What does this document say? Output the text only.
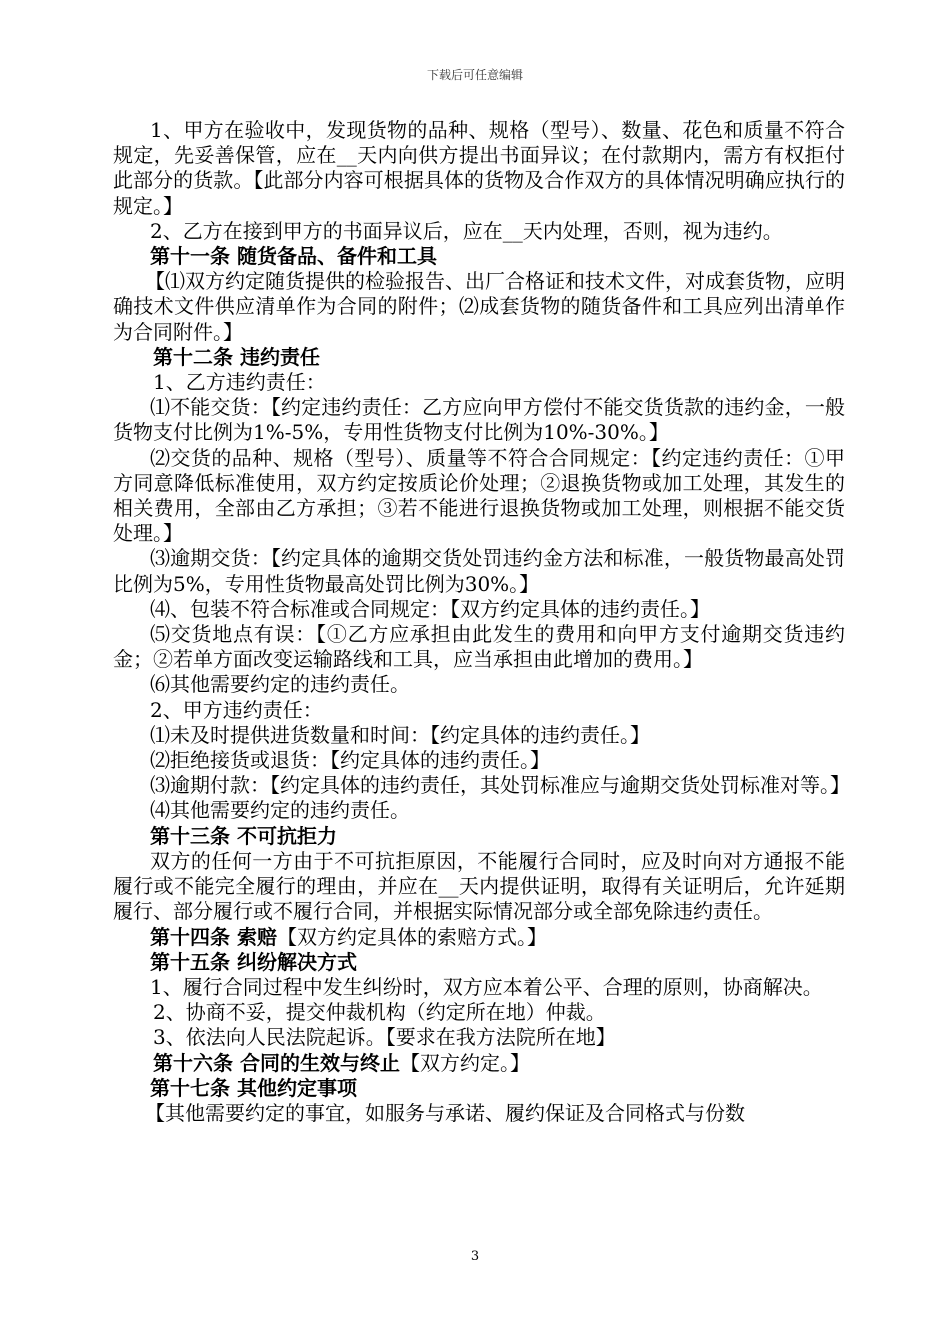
下载后可任意编辑

1、甲方在验收中，发现货物的品种、规格（型号）、数量、花色和质量不符合规定，先妥善保管，应在__天内向供方提出书面异议；在付款期内，需方有权拒付此部分的货款。【此部分内容可根据具体的货物及合作双方的具体情况明确应执行的规定。】

2、乙方在接到甲方的书面异议后，应在__天内处理，否则，视为违约。

第十一条 随货备品、备件和工具

【⑴双方约定随货提供的检验报告、出厂合格证和技术文件，对成套货物，应明确技术文件供应清单作为合同的附件；⑵成套货物的随货备件和工具应列出清单作为合同附件。】

第十二条 违约责任

1、乙方违约责任：

⑴不能交货：【约定违约责任：乙方应向甲方偿付不能交货货款的违约金，一般货物支付比例为1%-5%，专用性货物支付比例为10%-30%。】

⑵交货的品种、规格（型号）、质量等不符合合同规定：【约定违约责任：①甲方同意降低标准使用，双方约定按质论价处理；②退换货物或加工处理，其发生的相关费用，全部由乙方承担；③若不能进行退换货物或加工处理，则根据不能交货处理。】

⑶逾期交货：【约定具体的逾期交货处罚违约金方法和标准，一般货物最高处罚比例为5%，专用性货物最高处罚比例为30%。】

⑷、包装不符合标准或合同规定：【双方约定具体的违约责任。】

⑸交货地点有误：【①乙方应承担由此发生的费用和向甲方支付逾期交货违约金；②若单方面改变运输路线和工具，应当承担由此增加的费用。】

⑹其他需要约定的违约责任。

2、甲方违约责任：

⑴未及时提供进货数量和时间：【约定具体的违约责任。】

⑵拒绝接货或退货：【约定具体的违约责任。】

⑶逾期付款：【约定具体的违约责任，其处罚标准应与逾期交货处罚标准对等。】

⑷其他需要约定的违约责任。

第十三条 不可抗拒力

双方的任何一方由于不可抗拒原因，不能履行合同时，应及时向对方通报不能履行或不能完全履行的理由，并应在__天内提供证明，取得有关证明后，允许延期履行、部分履行或不履行合同，并根据实际情况部分或全部免除违约责任。

第十四条 索赔【双方约定具体的索赔方式。】

第十五条 纠纷解决方式

1、履行合同过程中发生纠纷时，双方应本着公平、合理的原则，协商解决。

2、协商不妥，提交仲裁机构（约定所在地）仲裁。

3、依法向人民法院起诉。【要求在我方法院所在地】

第十六条 合同的生效与终止【双方约定。】

第十七条 其他约定事项

【其他需要约定的事宜，如服务与承诺、履约保证及合同格式与份数

3
